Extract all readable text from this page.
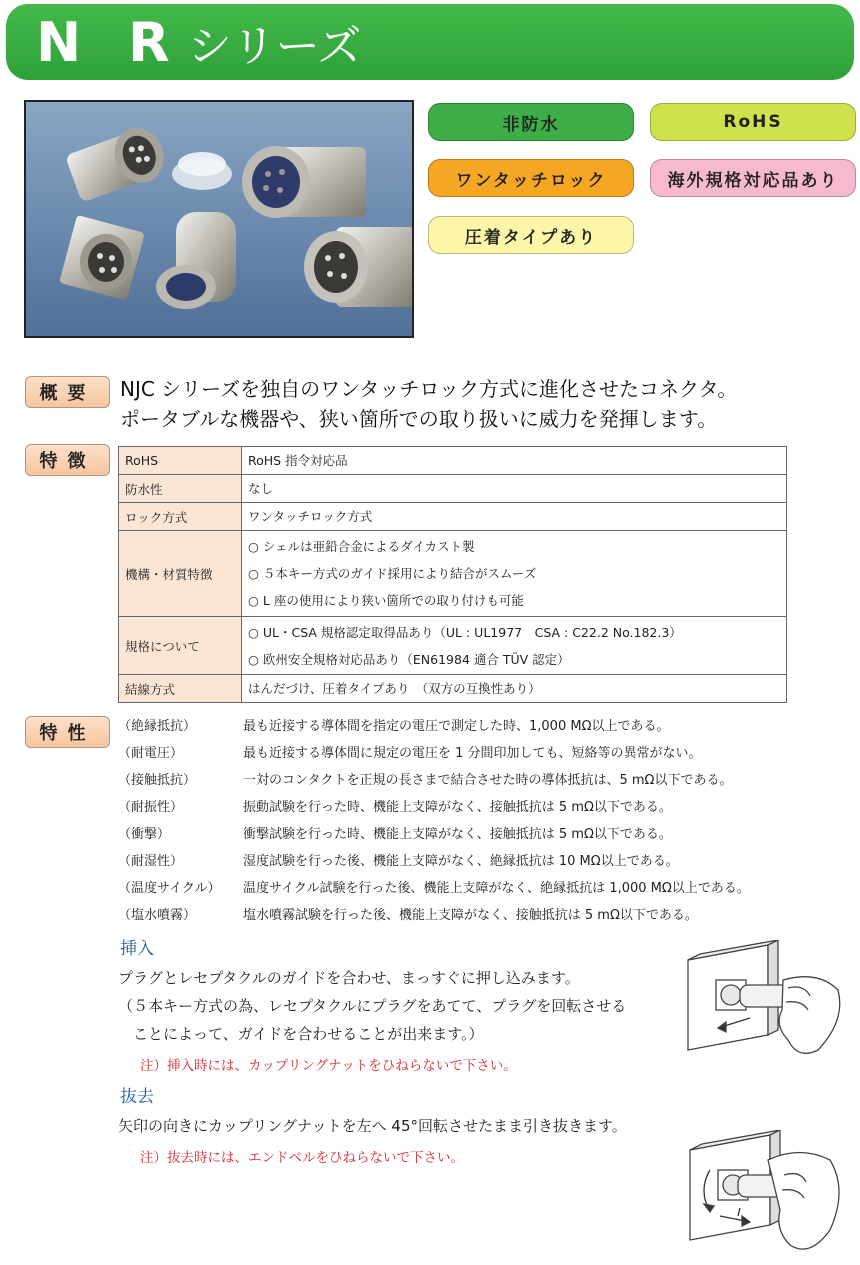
N R シリーズ
非防水	RoHS
ワンタッチロック	海外規格対応品あり
圧着タイプあり
概要	NJC シリーズを独自のワンタッチロック方式に進化させたコネクタ。
ポータブルな機器や、狭い箇所での取り扱いに威力を発揮します。
特徴	RoHS	RoHS 指令対応品
防水性	なし
ロック方式	ワンタッチロック方式
機構・材質特徴	○ シェルは亜鉛合金によるダイカスト製
○ ５本キー方式のガイド採用により結合がスムーズ
○ L 座の使用により狭い箇所での取り付けも可能

規格について	○ UL・CSA 規格認定取得品あり（UL : UL1977　CSA : C22.2 No.182.3）
○ 欧州安全規格対応品あり（EN61984 適合 TÜV 認定）

結線方式	はんだづけ、圧着タイプあり　（双方の互換性あり）
特性	（絶縁抵抗）	最も近接する導体間を指定の電圧で測定した時、1,000 MΩ以上である。
（耐電圧）	最も近接する導体間に規定の電圧を 1 分間印加しても、短絡等の異常がない。
（接触抵抗）	一対のコンタクトを正規の長さまで結合させた時の導体抵抗は、5 mΩ以下である。
（耐振性）	振動試験を行った時、機能上支障がなく、接触抵抗は 5 mΩ以下である。
（衝撃）	衝撃試験を行った時、機能上支障がなく、接触抵抗は 5 mΩ以下である。
（耐湿性）	湿度試験を行った後、機能上支障がなく、絶縁抵抗は 10 MΩ以上である。
（温度サイクル）	温度サイクル試験を行った後、機能上支障がなく、絶縁抵抗は 1,000 MΩ以上である。
（塩水噴霧）	塩水噴霧試験を行った後、機能上支障がなく、接触抵抗は 5 mΩ以下である。
挿入
プラグとレセプタクルのガイドを合わせ、まっすぐに押し込みます。
（５本キー方式の為、レセプタクルにプラグをあてて、プラグを回転させる
　ことによって、ガイドを合わせることが出来ます。）
注）挿入時には、カップリングナットをひねらないで下さい。
抜去
矢印の向きにカップリングナットを左へ 45°回転させたまま引き抜きます。
注）抜去時には、エンドベルをひねらないで下さい。
